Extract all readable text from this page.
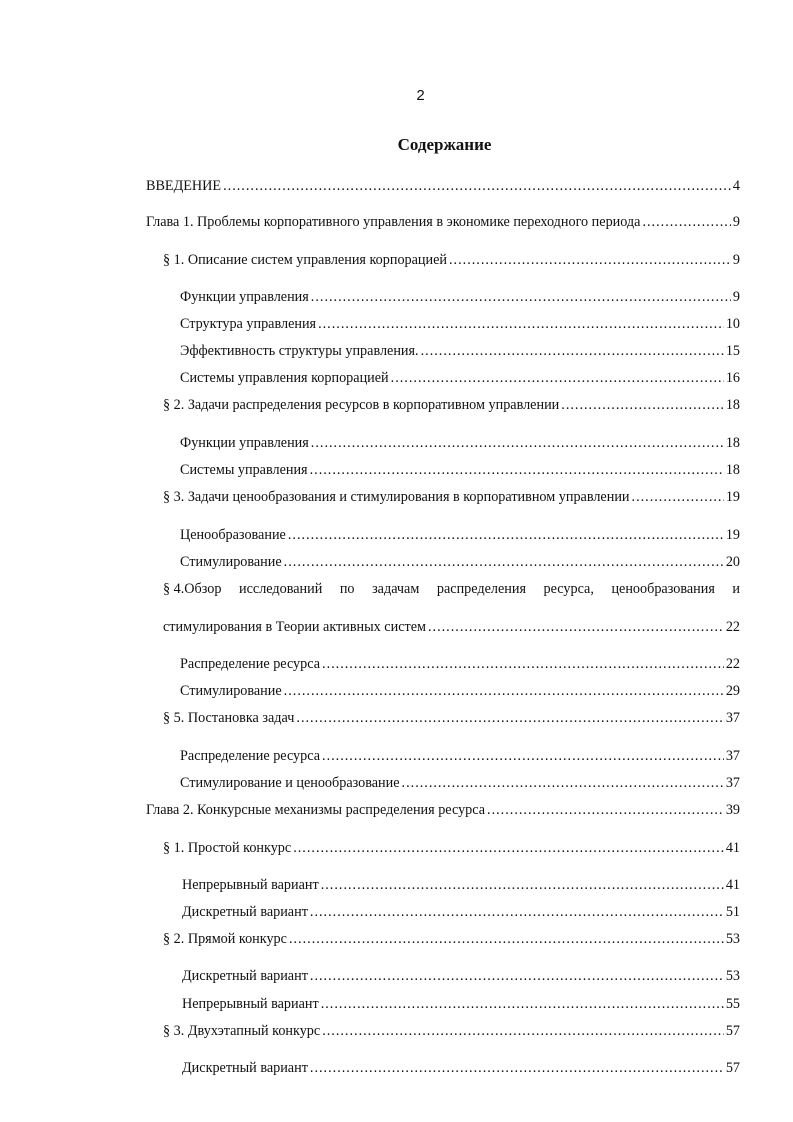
2
Содержание
ВВЕДЕНИЕ .....	4
Глава 1. Проблемы корпоративного управления в экономике переходного периода .....	9
§ 1. Описание систем управления корпорацией .....	9
Функции управления .....	9
Структура управления .....	10
Эффективность структуры управления. .....	15
Системы управления корпорацией .....	16
§ 2. Задачи распределения ресурсов в корпоративном управлении .....	18
Функции управления .....	18
Системы управления .....	18
§ 3. Задачи ценообразования и стимулирования в корпоративном управлении .....	19
Ценообразование .....	19
Стимулирование .....	20
§ 4.Обзор исследований по задачам распределения ресурса, ценообразования и
стимулирования в Теории активных систем .....	22
Распределение ресурса .....	22
Стимулирование .....	29
§ 5. Постановка задач .....	37
Распределение ресурса .....	37
Стимулирование и ценообразование .....	37
Глава 2. Конкурсные механизмы распределения ресурса .....	39
§ 1. Простой конкурс .....	41
Непрерывный вариант .....	41
Дискретный вариант .....	51
§ 2. Прямой конкурс .....	53
Дискретный вариант .....	53
Непрерывный вариант .....	55
§ 3. Двухэтапный конкурс .....	57
Дискретный вариант .....	57
